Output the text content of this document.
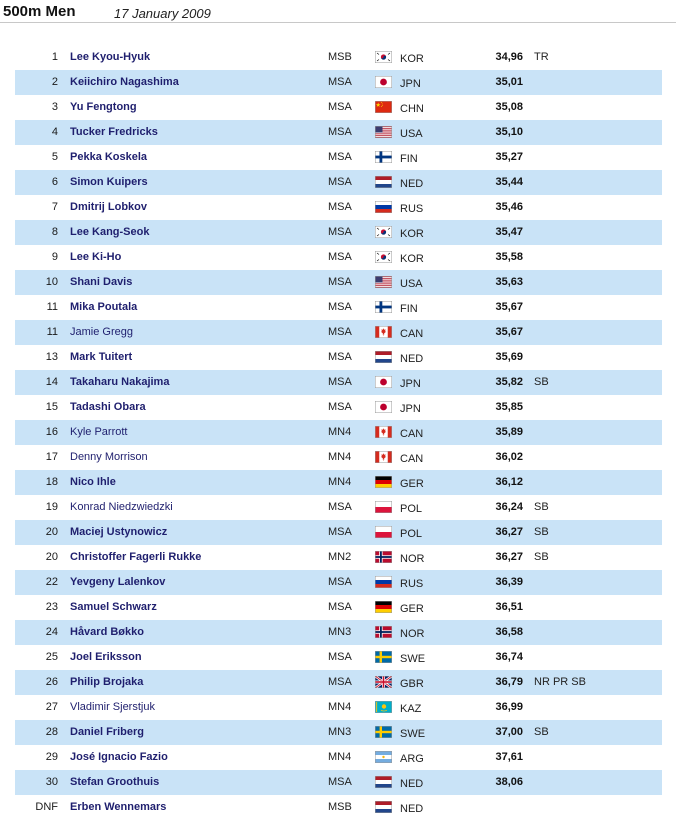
500m Men	17 January 2009
1 Lee Kyou-Hyuk	MSB	KOR	34,96 TR
2 Keiichiro Nagashima	MSA	JPN	35,01
3 Yu Fengtong	MSA	CHN	35,08
4 Tucker Fredricks	MSA	USA	35,10
5 Pekka Koskela	MSA	FIN	35,27
6 Simon Kuipers	MSA	NED	35,44
7 Dmitrij Lobkov	MSA	RUS	35,46
8 Lee Kang-Seok	MSA	KOR	35,47
9 Lee Ki-Ho	MSA	KOR	35,58
10 Shani Davis	MSA	USA	35,63
11 Mika Poutala	MSA	FIN	35,67
11 Jamie Gregg	MSA	CAN	35,67
13 Mark Tuitert	MSA	NED	35,69
14 Takaharu Nakajima	MSA	JPN	35,82 SB
15 Tadashi Obara	MSA	JPN	35,85
16 Kyle Parrott	MN4	CAN	35,89
17 Denny Morrison	MN4	CAN	36,02
18 Nico Ihle	MN4	GER	36,12
19 Konrad Niedzwiedzki	MSA	POL	36,24 SB
20 Maciej Ustynowicz	MSA	POL	36,27 SB
20 Christoffer Fagerli Rukke	MN2	NOR	36,27 SB
22 Yevgeny Lalenkov	MSA	RUS	36,39
23 Samuel Schwarz	MSA	GER	36,51
24 Håvard Bøkko	MN3	NOR	36,58
25 Joel Eriksson	MSA	SWE	36,74
26 Philip Brojaka	MSA	GBR	36,79 NR PR SB
27 Vladimir Sjerstjuk	MN4	KAZ	36,99
28 Daniel Friberg	MN3	SWE	37,00 SB
29 José Ignacio Fazio	MN4	ARG	37,61
30 Stefan Groothuis	MSA	NED	38,06
DNF Erben Wennemars	MSB	NED
